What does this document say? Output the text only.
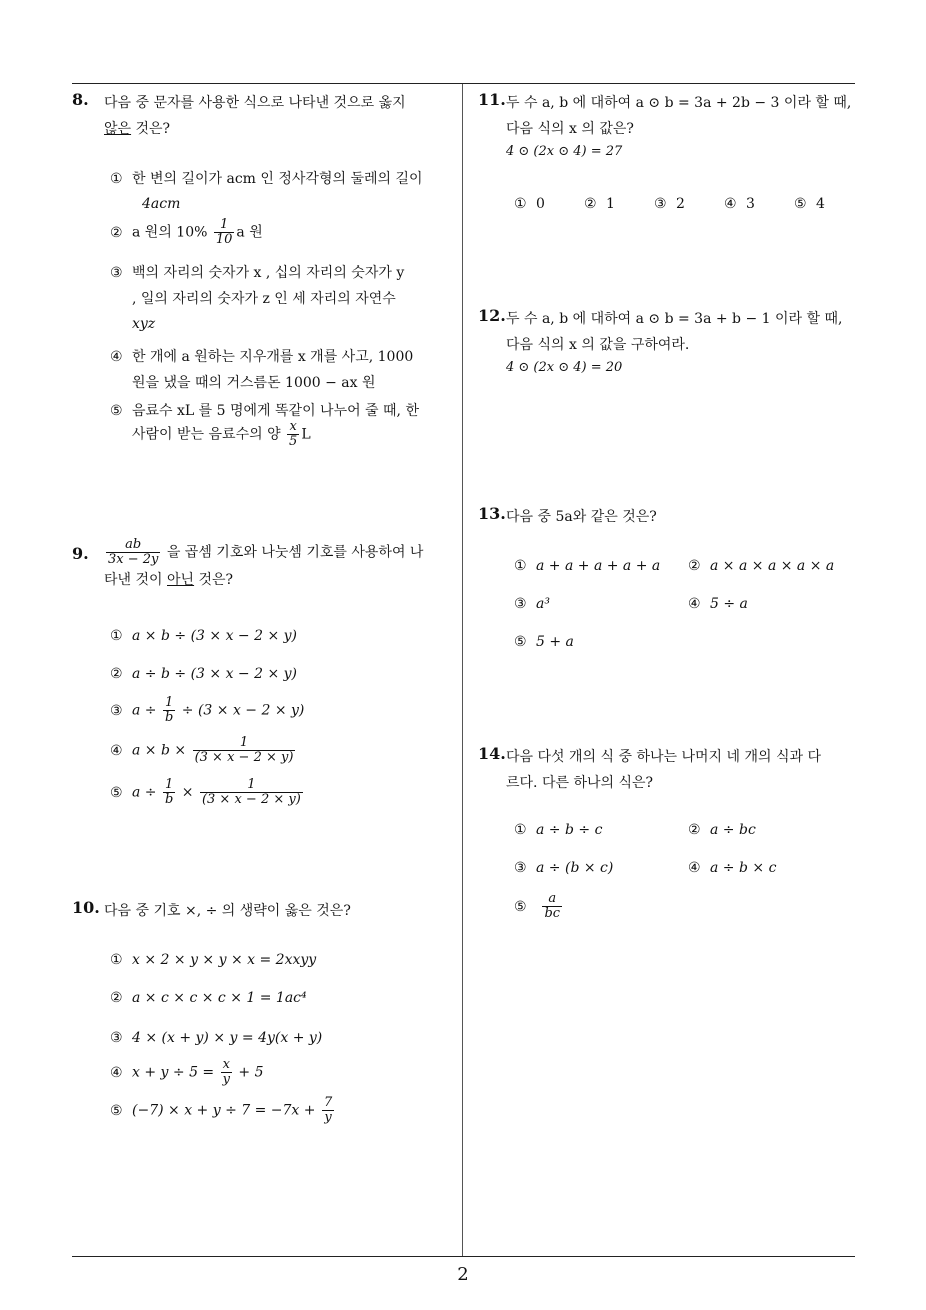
8. 다음 중 문자를 사용한 식으로 나타낸 것으로 옳지
않은 것은?
① 한 변의 길이가 acm 인 정사각형의 둘레의 길이
4acm
② a 원의 $10\% \frac{1}{10}$ a 원
③ 백의 자리의 숫자가 x , 십의 자리의 숫자가 y
, 일의 자리의 숫자가 z 인 세 자리의 자연수
xyz
④ 한 개에 a 원하는 지우개를 x 개를 사고, 1000
원을 냈을 때의 거스름돈 1000 − ax 원
⑤ 음료수 xL 를 5 명에게 똑같이 나누어 줄 때, 한
사람이 받는 음료수의 양 $\frac{x}{5}$ L
9. $\frac{ab}{3x - 2y}$ 을 곱셈 기호와 나눗셈 기호를 사용하여 나
타낸 것이 아닌 것은?
① a × b ÷ (3 × x − 2 × y)
② a ÷ b ÷ (3 × x − 2 × y)
③ $a \div \frac{1}{b} \div (3 \times x - 2 \times y)$
④ $a \times b \times \frac{1}{(3 \times x - 2 \times y)}$
⑤ $a \div \frac{1}{b} \times \frac{1}{(3 \times x - 2 \times y)}$
10. 다음 중 기호 ×, ÷ 의 생략이 옳은 것은?
① x × 2 × y × y × x = 2xxyy
② a × c × c × c × 1 = 1ac⁴
③ 4 × (x + y) × y = 4y(x + y)
④ $x + y \div 5 = \frac{x}{y} + 5$
⑤ $(-7) \times x + y \div 7 = -7x + \frac{7}{y}$
11. 두 수 a, b 에 대하여 a ⊙ b = 3a + 2b − 3 이라 할 때,
다음 식의 x 의 값은?
4 ⊙ (2x ⊙ 4) = 27
① 0	② 1	③ 2	④ 3	⑤ 4
12. 두 수 a, b 에 대하여 a ⊙ b = 3a + b − 1 이라 할 때,
다음 식의 x 의 값을 구하여라.
4 ⊙ (2x ⊙ 4) = 20
13. 다음 중 5a와 같은 것은?
① a + a + a + a + a ② a × a × a × a × a
③ a³	④ 5 ÷ a
⑤ 5 + a
14. 다음 다섯 개의 식 중 하나는 나머지 네 개의 식과 다
르다. 다른 하나의 식은?
① a ÷ b ÷ c	② a ÷ bc
③ a ÷ (b × c)	④ a ÷ b × c
⑤ $\frac{a}{bc}$
2
